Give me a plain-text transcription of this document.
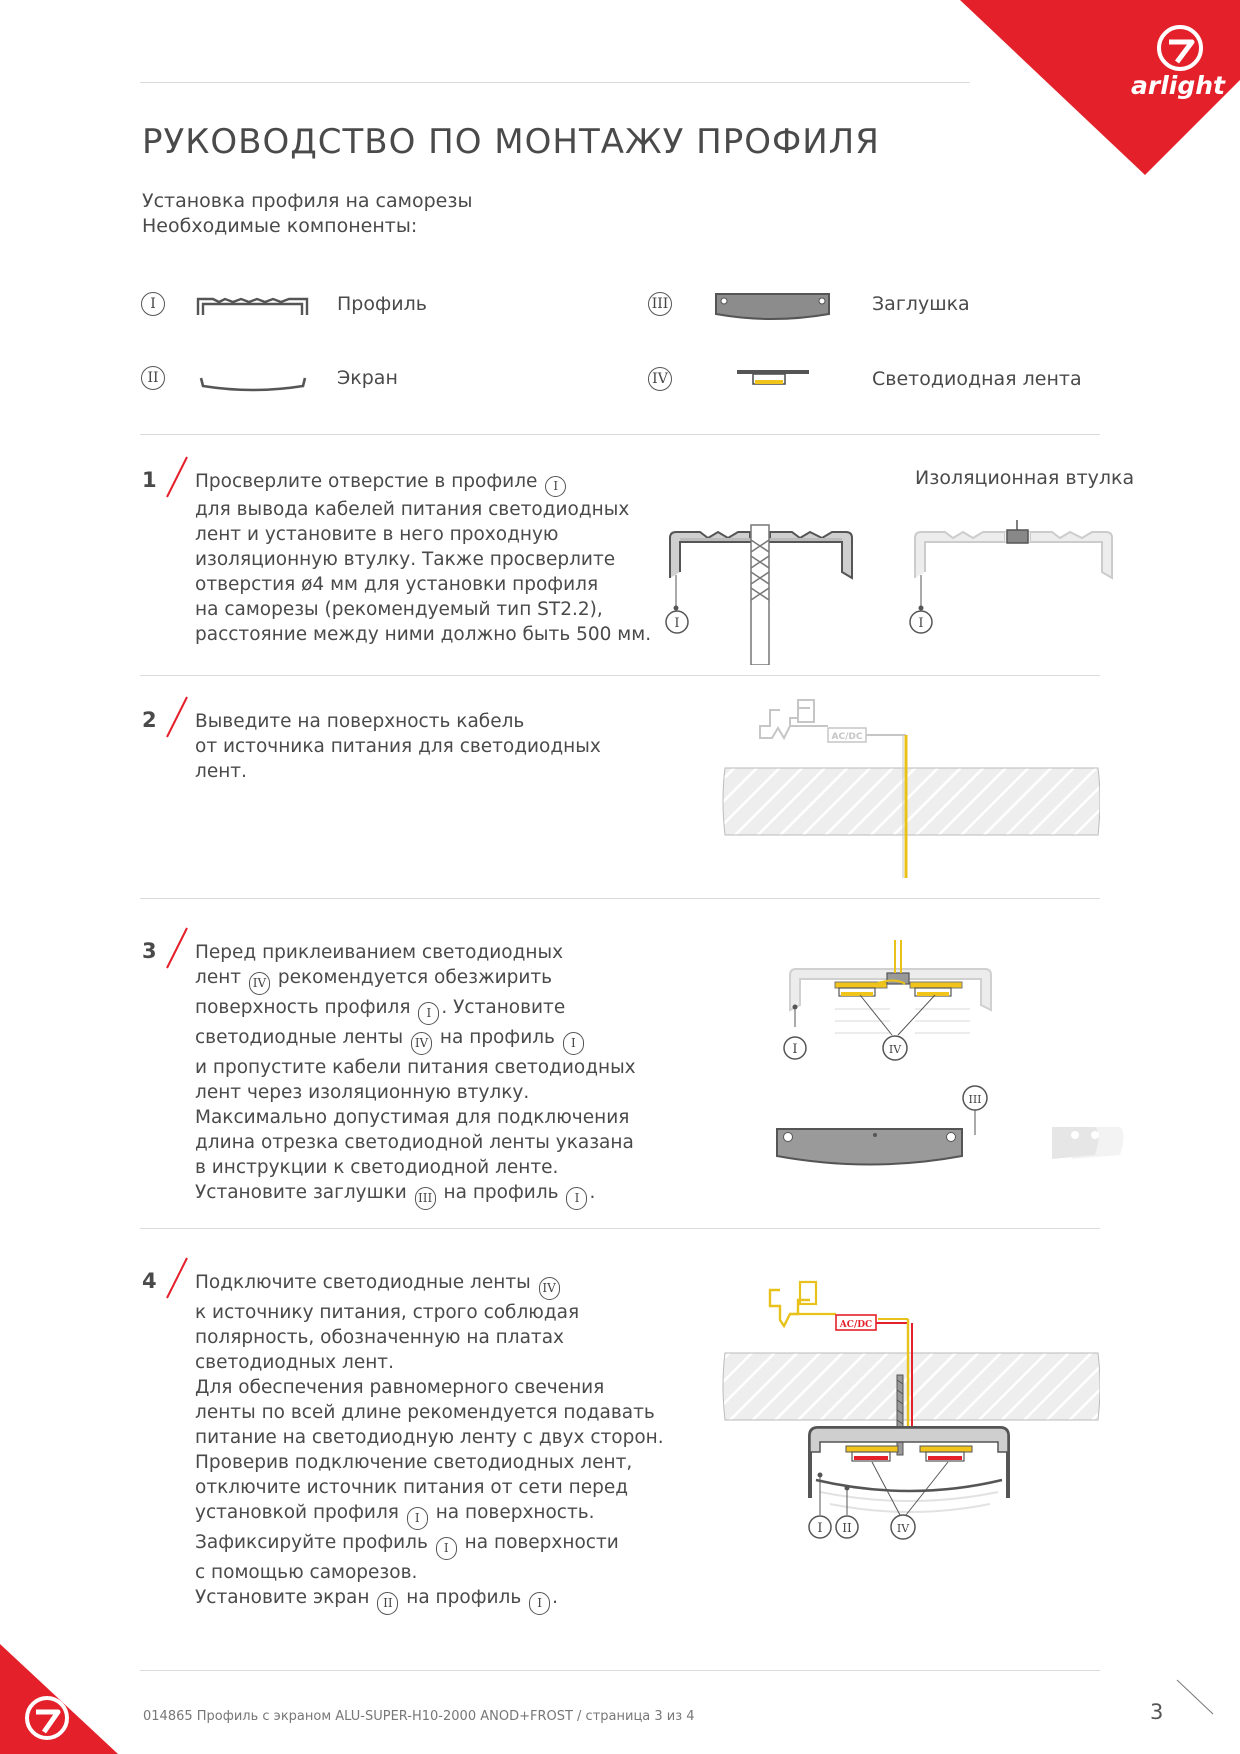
arlight
РУКОВОДСТВО ПО МОНТАЖУ ПРОФИЛЯ
Установка профиля на саморезы
Необходимые компоненты:
I	Профиль
II	Экран
III	Заглушка
IV	Светодиодная лента
1 Просверлите отверстие в профиле I
для вывода кабелей питания светодиодных
лент и установите в него проходную
изоляционную втулку. Также просверлите
отверстия ø4 мм для установки профиля
на саморезы (рекомендуемый тип ST2.2),
расстояние между ними должно быть 500 мм.
Изоляционная втулка
I	I
2 Выведите на поверхность кабель
от источника питания для светодиодных
лент.
AC/DC
3 Перед приклеиванием светодиодных
лент IV рекомендуется обезжирить
поверхность профиля I . Установите
светодиодные ленты IV на профиль I
и пропустите кабели питания светодиодных
лент через изоляционную втулку.
Максимально допустимая для подключения
длина отрезка светодиодной ленты указана
в инструкции к светодиодной ленте.
Установите заглушки III на профиль I .
I	IV
III
4 Подключите светодиодные ленты IV
к источнику питания, строго соблюдая
полярность, обозначенную на платах
светодиодных лент.
Для обеспечения равномерного свечения
ленты по всей длине рекомендуется подавать
питание на светодиодную ленту с двух сторон.
Проверив подключение светодиодных лент,
отключите источник питания от сети перед
установкой профиля I на поверхность.
Зафиксируйте профиль I на поверхности
с помощью саморезов.
Установите экран II на профиль I .
AC/DC
I II	IV
014865 Профиль с экраном ALU-SUPER-H10-2000 ANOD+FROST / страница 3 из 4	3
